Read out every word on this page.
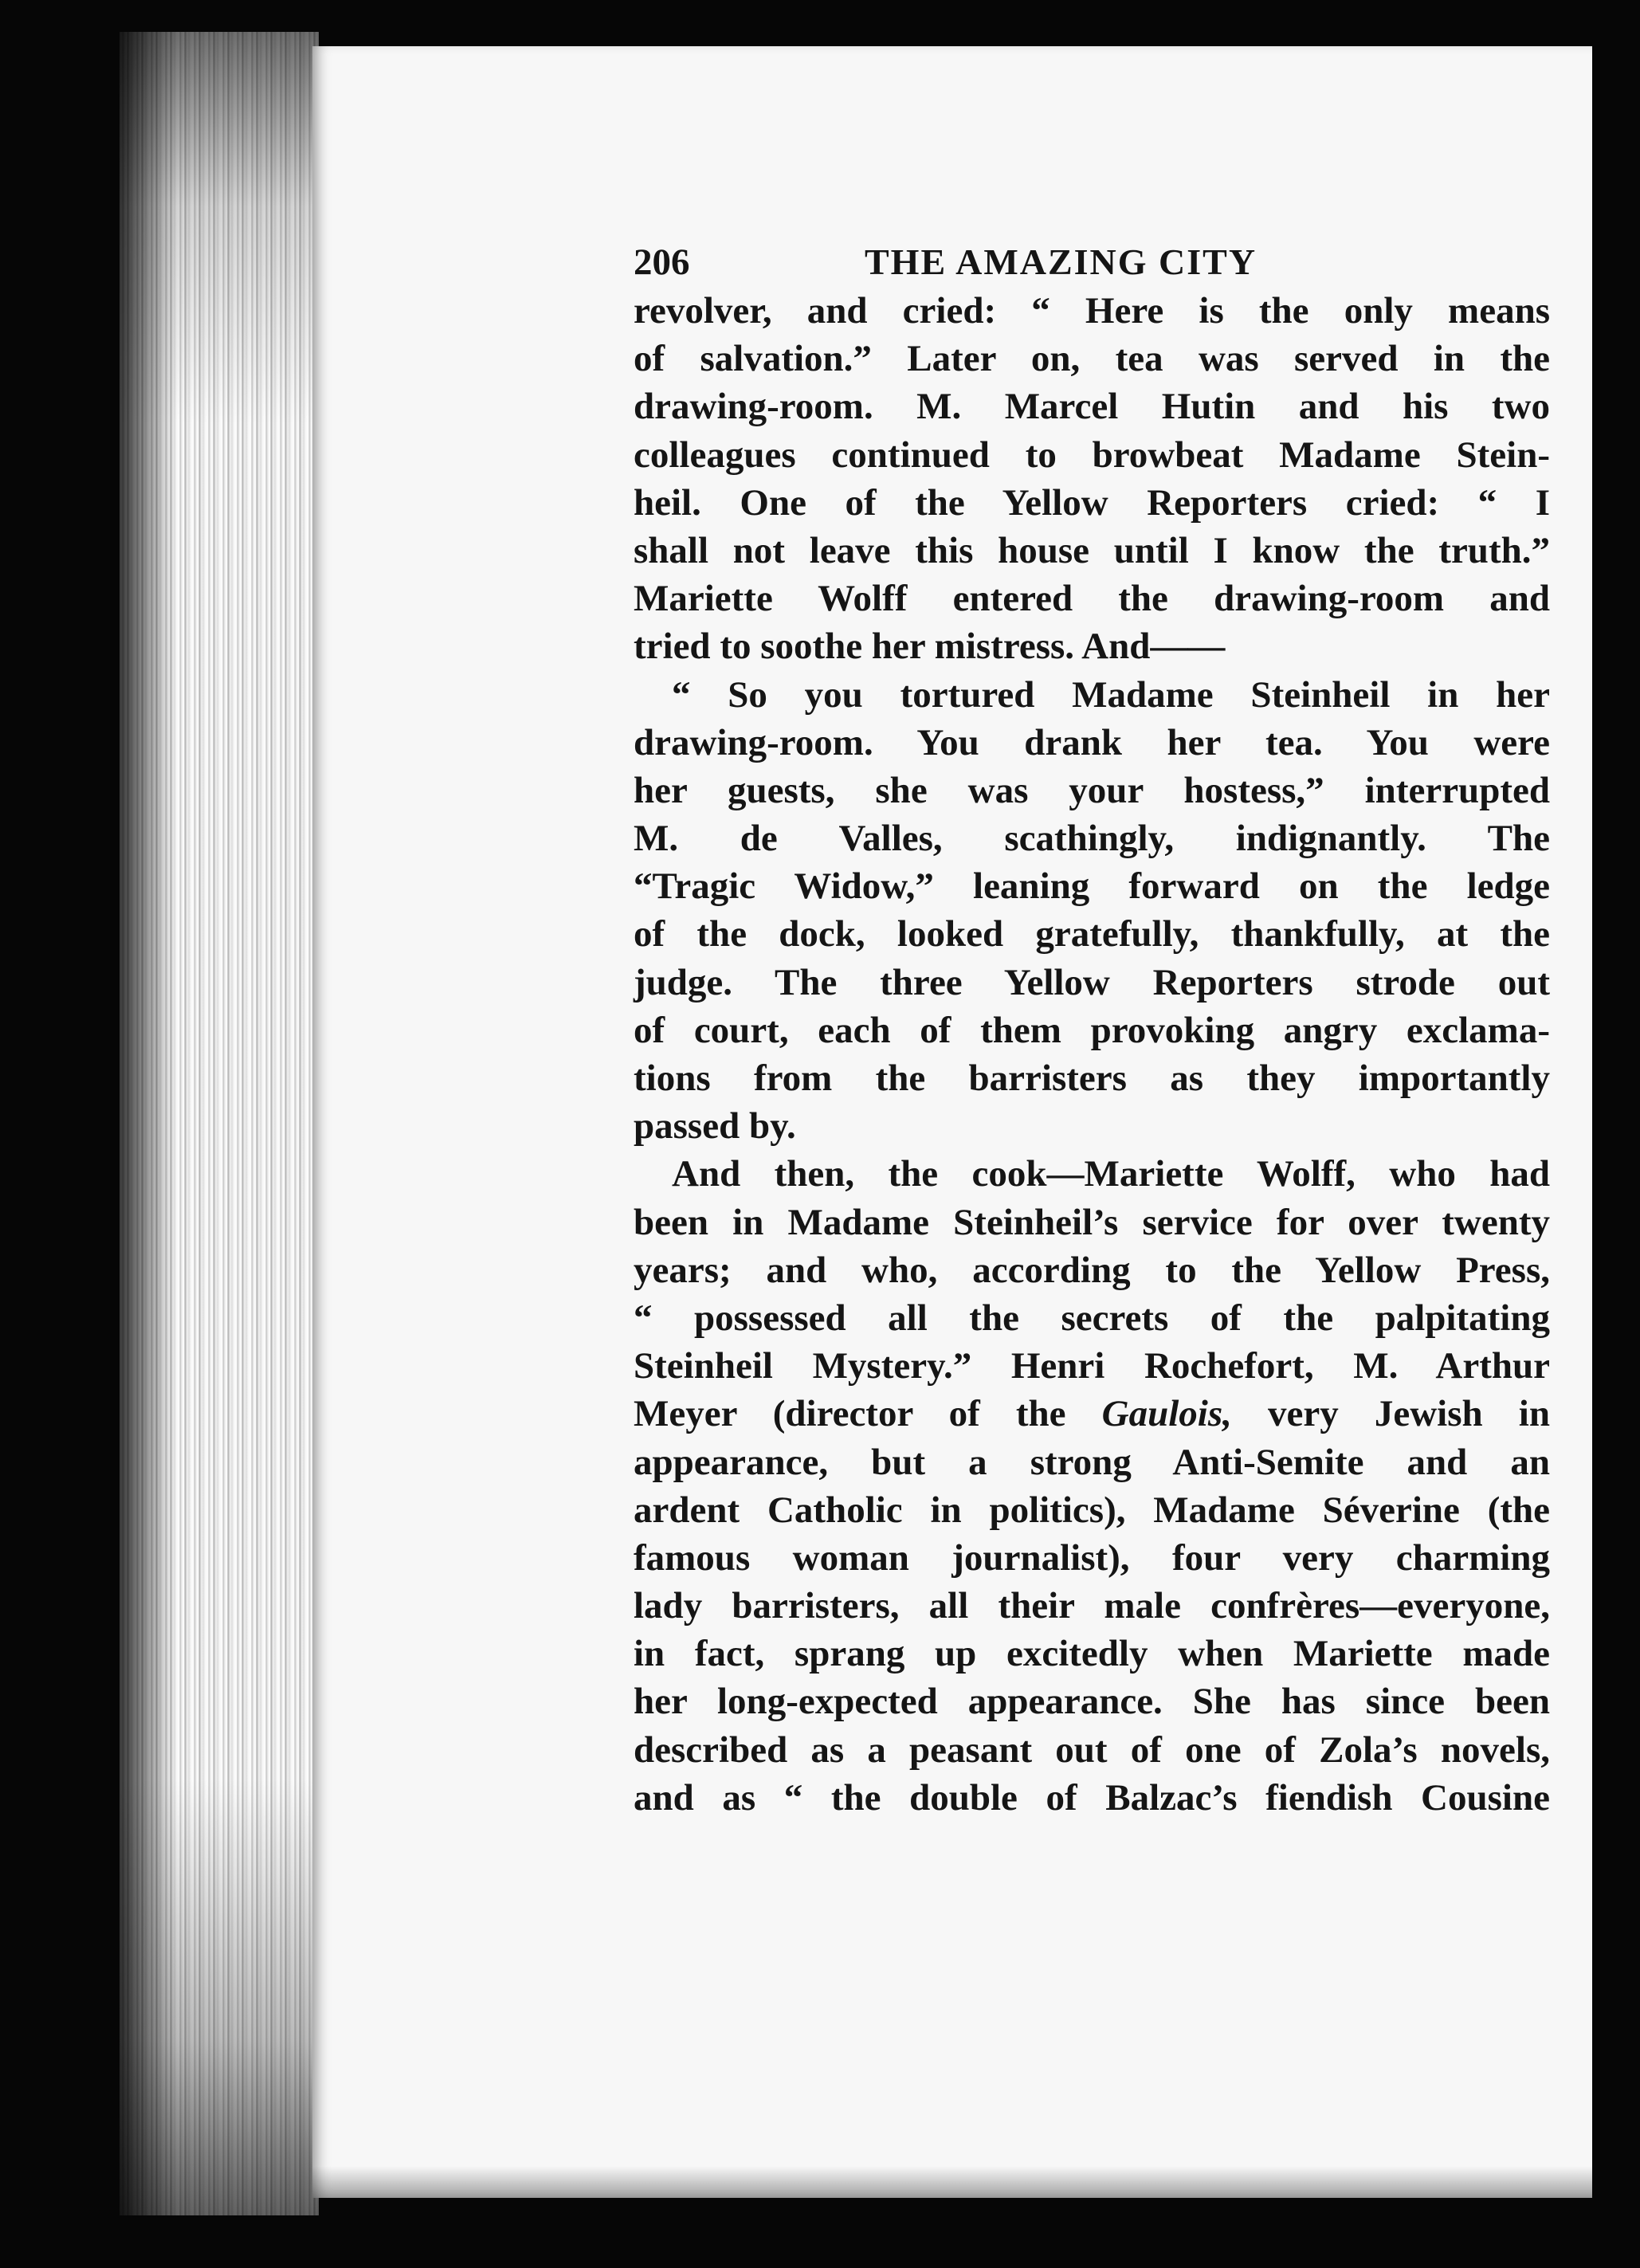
206	THE AMAZING CITY
revolver, and cried: “ Here is the only means
of salvation.” Later on, tea was served in the
drawing-room. M. Marcel Hutin and his two
colleagues continued to browbeat Madame Stein-
heil. One of the Yellow Reporters cried: “ I
shall not leave this house until I know the truth.”
Mariette Wolff entered the drawing-room and
tried to soothe her mistress. And——
“ So you tortured Madame Steinheil in her
drawing-room. You drank her tea. You were
her guests, she was your hostess,” interrupted
M. de Valles, scathingly, indignantly. The
“Tragic Widow,” leaning forward on the ledge
of the dock, looked gratefully, thankfully, at the
judge. The three Yellow Reporters strode out
of court, each of them provoking angry exclama-
tions from the barristers as they importantly
passed by.
And then, the cook—Mariette Wolff, who had
been in Madame Steinheil’s service for over twenty
years; and who, according to the Yellow Press,
“ possessed all the secrets of the palpitating
Steinheil Mystery.” Henri Rochefort, M. Arthur
Meyer (director of the Gaulois, very Jewish in
appearance, but a strong Anti-Semite and an
ardent Catholic in politics), Madame Séverine (the
famous woman journalist), four very charming
lady barristers, all their male confrères—everyone,
in fact, sprang up excitedly when Mariette made
her long-expected appearance. She has since been
described as a peasant out of one of Zola’s novels,
and as “ the double of Balzac’s fiendish Cousine
